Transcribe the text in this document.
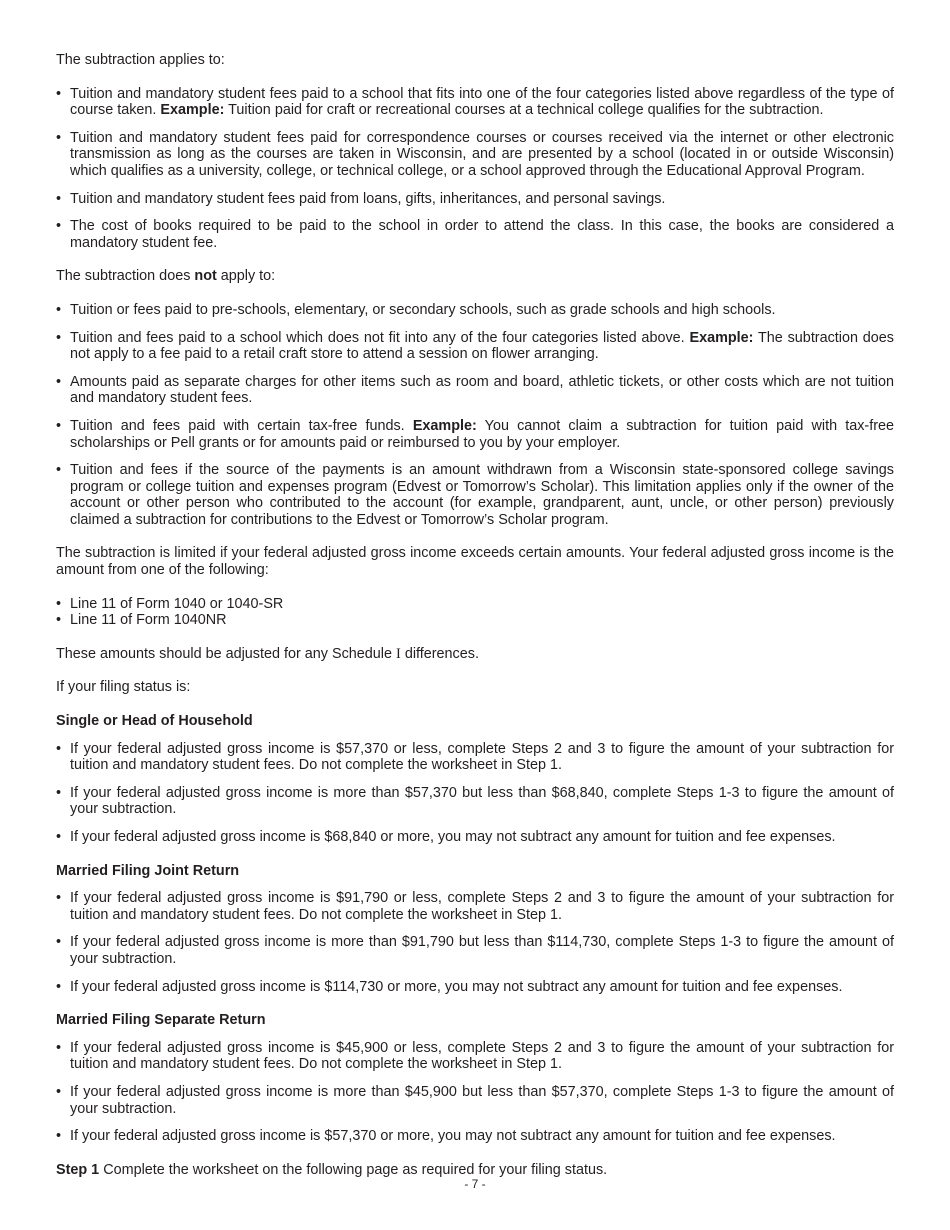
The subtraction applies to:

• Tuition and mandatory student fees paid to a school that fits into one of the four categories listed above regardless of the type of course taken. Example: Tuition paid for craft or recreational courses at a technical college qualifies for the subtraction.
• Tuition and mandatory student fees paid for correspondence courses or courses received via the internet or other electronic transmission as long as the courses are taken in Wisconsin, and are presented by a school (located in or outside Wisconsin) which qualifies as a university, college, or technical college, or a school approved through the Educational Approval Program.
• Tuition and mandatory student fees paid from loans, gifts, inheritances, and personal savings.
• The cost of books required to be paid to the school in order to attend the class. In this case, the books are considered a mandatory student fee.

The subtraction does not apply to:

• Tuition or fees paid to pre-schools, elementary, or secondary schools, such as grade schools and high schools.
• Tuition and fees paid to a school which does not fit into any of the four categories listed above. Example: The subtraction does not apply to a fee paid to a retail craft store to attend a session on flower arranging.
• Amounts paid as separate charges for other items such as room and board, athletic tickets, or other costs which are not tuition and mandatory student fees.
• Tuition and fees paid with certain tax-free funds. Example: You cannot claim a subtraction for tuition paid with tax-free scholarships or Pell grants or for amounts paid or reimbursed to you by your employer.
• Tuition and fees if the source of the payments is an amount withdrawn from a Wisconsin state-sponsored college savings program or college tuition and expenses program (Edvest or Tomorrow’s Scholar). This limitation applies only if the owner of the account or other person who contributed to the account (for example, grandparent, aunt, uncle, or other person) previously claimed a subtraction for contributions to the Edvest or Tomorrow’s Scholar program.

The subtraction is limited if your federal adjusted gross income exceeds certain amounts. Your federal adjusted gross income is the amount from one of the following:

• Line 11 of Form 1040 or 1040-SR
• Line 11 of Form 1040NR

These amounts should be adjusted for any Schedule I differences.

If your filing status is:

Single or Head of Household

• If your federal adjusted gross income is $57,370 or less, complete Steps 2 and 3 to figure the amount of your subtraction for tuition and mandatory student fees. Do not complete the worksheet in Step 1.
• If your federal adjusted gross income is more than $57,370 but less than $68,840, complete Steps 1-3 to figure the amount of your subtraction.
• If your federal adjusted gross income is $68,840 or more, you may not subtract any amount for tuition and fee expenses.

Married Filing Joint Return

• If your federal adjusted gross income is $91,790 or less, complete Steps 2 and 3 to figure the amount of your subtraction for tuition and mandatory student fees. Do not complete the worksheet in Step 1.
• If your federal adjusted gross income is more than $91,790 but less than $114,730, complete Steps 1-3 to figure the amount of your subtraction.
• If your federal adjusted gross income is $114,730 or more, you may not subtract any amount for tuition and fee expenses.

Married Filing Separate Return

• If your federal adjusted gross income is $45,900 or less, complete Steps 2 and 3 to figure the amount of your subtraction for tuition and mandatory student fees. Do not complete the worksheet in Step 1.
• If your federal adjusted gross income is more than $45,900 but less than $57,370, complete Steps 1-3 to figure the amount of your subtraction.
• If your federal adjusted gross income is $57,370 or more, you may not subtract any amount for tuition and fee expenses.

Step 1 Complete the worksheet on the following page as required for your filing status.

- 7 -
